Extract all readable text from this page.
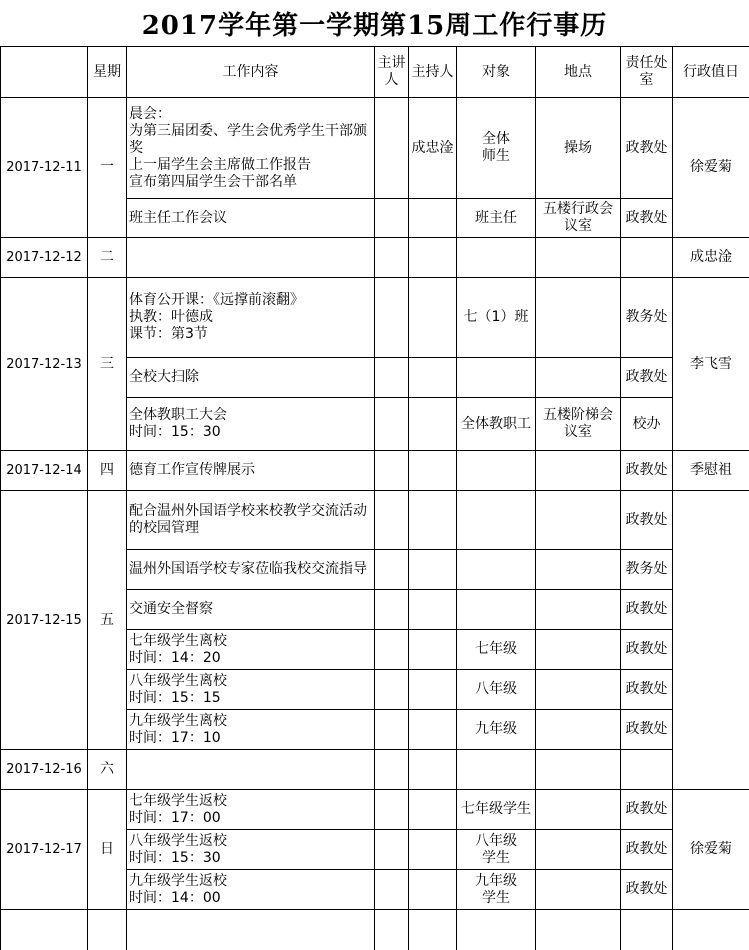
2017学年第一学期第15周工作行事历
	星期	工作内容	主讲人	主持人	对象	地点	责任处室	行政值日
2017-12-11	一	晨会：
为第三届团委、学生会优秀学生干部颁奖
上一届学生会主席做工作报告
宣布第四届学生会干部名单		成忠淦	全体
师生	操场	政教处	徐爱菊
		班主任工作会议			班主任	五楼行政会议室	政教处	
2017-12-12	二							成忠淦
2017-12-13	三	体育公开课：《远撑前滚翻》
执教：叶德成
课节：第3节			七（1）班		教务处	李飞雪
		全校大扫除					政教处	

		全体教职工大会
时间：15：30			全体教职工	五楼阶梯会议室	校办	
2017-12-14	四	德育工作宣传牌展示					政教处	季慰祖
2017-12-15	五	配合温州外国语学校来校教学交流活动的校园管理					政教处	
		温州外国语学校专家莅临我校交流指导					教务处	
		交通安全督察					政教处	

		七年级学生离校
时间：14：20			七年级		政教处	

		八年级学生离校
时间：15：15			八年级		政教处	

		九年级学生离校
时间：17：10			九年级		政教处	
2017-12-16	六							
2017-12-17	日	七年级学生返校
时间：17：00			七年级学生		政教处	徐爱菊

		八年级学生返校
时间：15：30			八年级
学生		政教处	

		九年级学生返校
时间：14：00			九年级
学生		政教处	
